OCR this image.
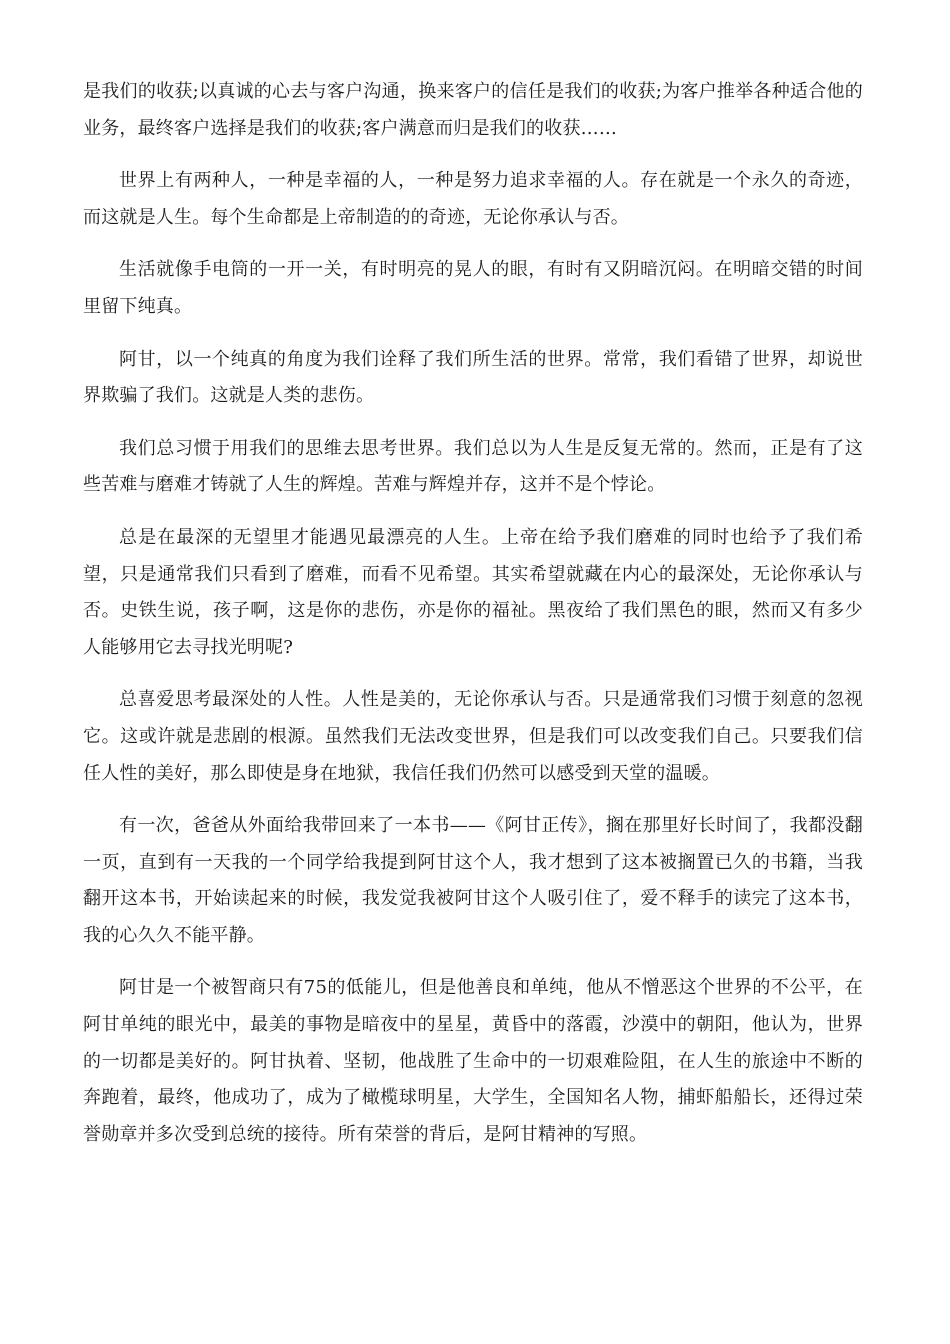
是我们的收获;以真诚的心去与客户沟通，换来客户的信任是我们的收获;为客户推举各种适合他的业务，最终客户选择是我们的收获;客户满意而归是我们的收获……

世界上有两种人，一种是幸福的人，一种是努力追求幸福的人。存在就是一个永久的奇迹，而这就是人生。每个生命都是上帝制造的的奇迹，无论你承认与否。

生活就像手电筒的一开一关，有时明亮的晃人的眼，有时有又阴暗沉闷。在明暗交错的时间里留下纯真。

阿甘，以一个纯真的角度为我们诠释了我们所生活的世界。常常，我们看错了世界，却说世界欺骗了我们。这就是人类的悲伤。

我们总习惯于用我们的思维去思考世界。我们总以为人生是反复无常的。然而，正是有了这些苦难与磨难才铸就了人生的辉煌。苦难与辉煌并存，这并不是个悖论。

总是在最深的无望里才能遇见最漂亮的人生。上帝在给予我们磨难的同时也给予了我们希望，只是通常我们只看到了磨难，而看不见希望。其实希望就藏在内心的最深处，无论你承认与否。史铁生说，孩子啊，这是你的悲伤，亦是你的福祉。黑夜给了我们黑色的眼，然而又有多少人能够用它去寻找光明呢?

总喜爱思考最深处的人性。人性是美的，无论你承认与否。只是通常我们习惯于刻意的忽视它。这或许就是悲剧的根源。虽然我们无法改变世界，但是我们可以改变我们自己。只要我们信任人性的美好，那么即使是身在地狱，我信任我们仍然可以感受到天堂的温暖。

有一次，爸爸从外面给我带回来了一本书——《阿甘正传》，搁在那里好长时间了，我都没翻一页，直到有一天我的一个同学给我提到阿甘这个人，我才想到了这本被搁置已久的书籍，当我翻开这本书，开始读起来的时候，我发觉我被阿甘这个人吸引住了，爱不释手的读完了这本书，我的心久久不能平静。

阿甘是一个被智商只有75的低能儿，但是他善良和单纯，他从不憎恶这个世界的不公平，在阿甘单纯的眼光中，最美的事物是暗夜中的星星，黄昏中的落霞，沙漠中的朝阳，他认为，世界的一切都是美好的。阿甘执着、坚韧，他战胜了生命中的一切艰难险阻，在人生的旅途中不断的奔跑着，最终，他成功了，成为了橄榄球明星，大学生，全国知名人物，捕虾船船长，还得过荣誉勋章并多次受到总统的接待。所有荣誉的背后，是阿甘精神的写照。
